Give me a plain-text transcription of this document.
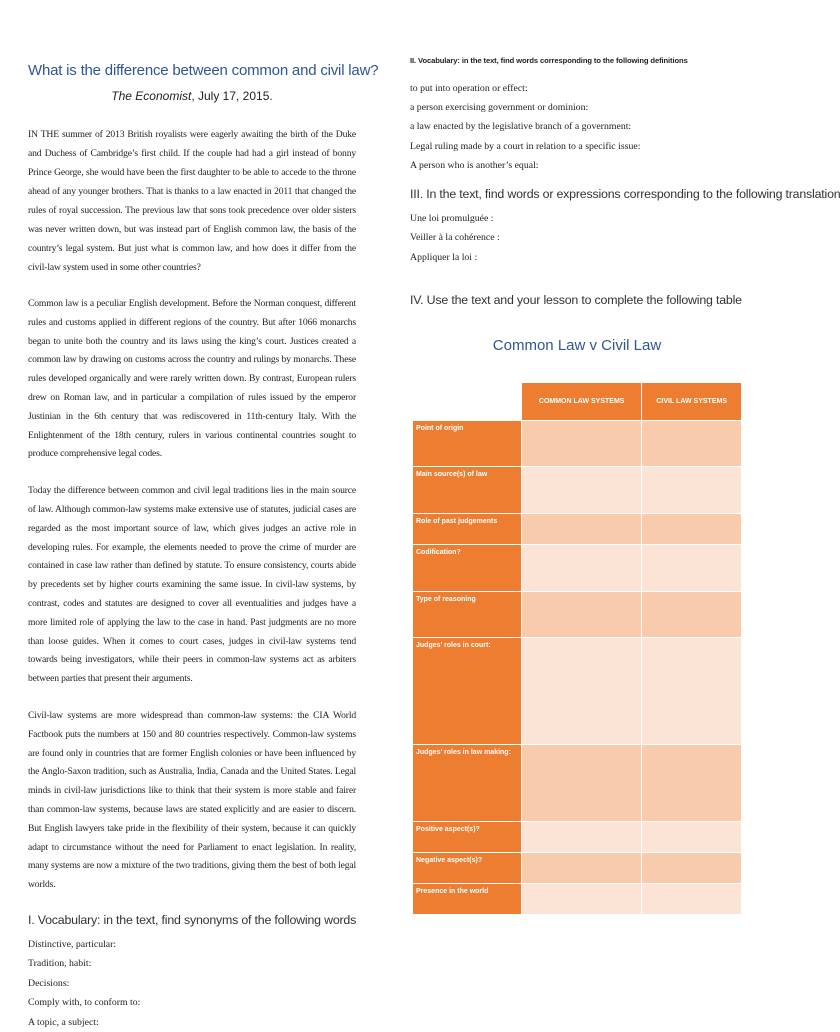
What is the difference between common and civil law?

The Economist, July 17, 2015.

IN THE summer of 2013 British royalists were eagerly awaiting the birth of the Duke and Duchess of Cambridge’s first child. If the couple had had a girl instead of bonny Prince George, she would have been the first daughter to be able to accede to the throne ahead of any younger brothers. That is thanks to a law enacted in 2011 that changed the rules of royal succession. The previous law that sons took precedence over older sisters was never written down, but was instead part of English common law, the basis of the country’s legal system. But just what is common law, and how does it differ from the civil-law system used in some other countries?

Common law is a peculiar English development. Before the Norman conquest, different rules and customs applied in different regions of the country. But after 1066 monarchs began to unite both the country and its laws using the king’s court. Justices created a common law by drawing on customs across the country and rulings by monarchs. These rules developed organically and were rarely written down. By contrast, European rulers drew on Roman law, and in particular a compilation of rules issued by the emperor Justinian in the 6th century that was rediscovered in 11th-century Italy. With the Enlightenment of the 18th century, rulers in various continental countries sought to produce comprehensive legal codes.

Today the difference between common and civil legal traditions lies in the main source of law. Although common-law systems make extensive use of statutes, judicial cases are regarded as the most important source of law, which gives judges an active role in developing rules. For example, the elements needed to prove the crime of murder are contained in case law rather than defined by statute. To ensure consistency, courts abide by precedents set by higher courts examining the same issue. In civil-law systems, by contrast, codes and statutes are designed to cover all eventualities and judges have a more limited role of applying the law to the case in hand. Past judgments are no more than loose guides. When it comes to court cases, judges in civil-law systems tend towards being investigators, while their peers in common-law systems act as arbiters between parties that present their arguments.

Civil-law systems are more widespread than common-law systems: the CIA World Factbook puts the numbers at 150 and 80 countries respectively. Common-law systems are found only in countries that are former English colonies or have been influenced by the Anglo-Saxon tradition, such as Australia, India, Canada and the United States. Legal minds in civil-law jurisdictions like to think that their system is more stable and fairer than common-law systems, because laws are stated explicitly and are easier to discern. But English lawyers take pride in the flexibility of their system, because it can quickly adapt to circumstance without the need for Parliament to enact legislation. In reality, many systems are now a mixture of the two traditions, giving them the best of both legal worlds.

I. Vocabulary: in the text, find synonyms of the following words
Distinctive, particular:
Tradition, habit:
Decisions:
Comply with, to conform to:
A topic, a subject:
II. Vocabulary: in the text, find words corresponding to the following definitions
to put into operation or effect:
a person exercising government or dominion:
a law enacted by the legislative branch of a government:
Legal ruling made by a court in relation to a specific issue:
A person who is another’s equal:
III. In the text, find words or expressions corresponding to the following translation
Une loi promulguée :
Veiller à la cohérence :
Appliquer la loi :
IV. Use the text and your lesson to complete the following table
Common Law v Civil Law
	COMMON LAW SYSTEMS	CIVIL LAW SYSTEMS
Point of origin		
Main source(s) of law		
Role of past judgements		
Codification?		
Type of reasoning		
Judges’ roles in court:		
Judges’ roles in law making:		
Positive aspect(s)?		
Negative aspect(s)?		
Presence in the world		
